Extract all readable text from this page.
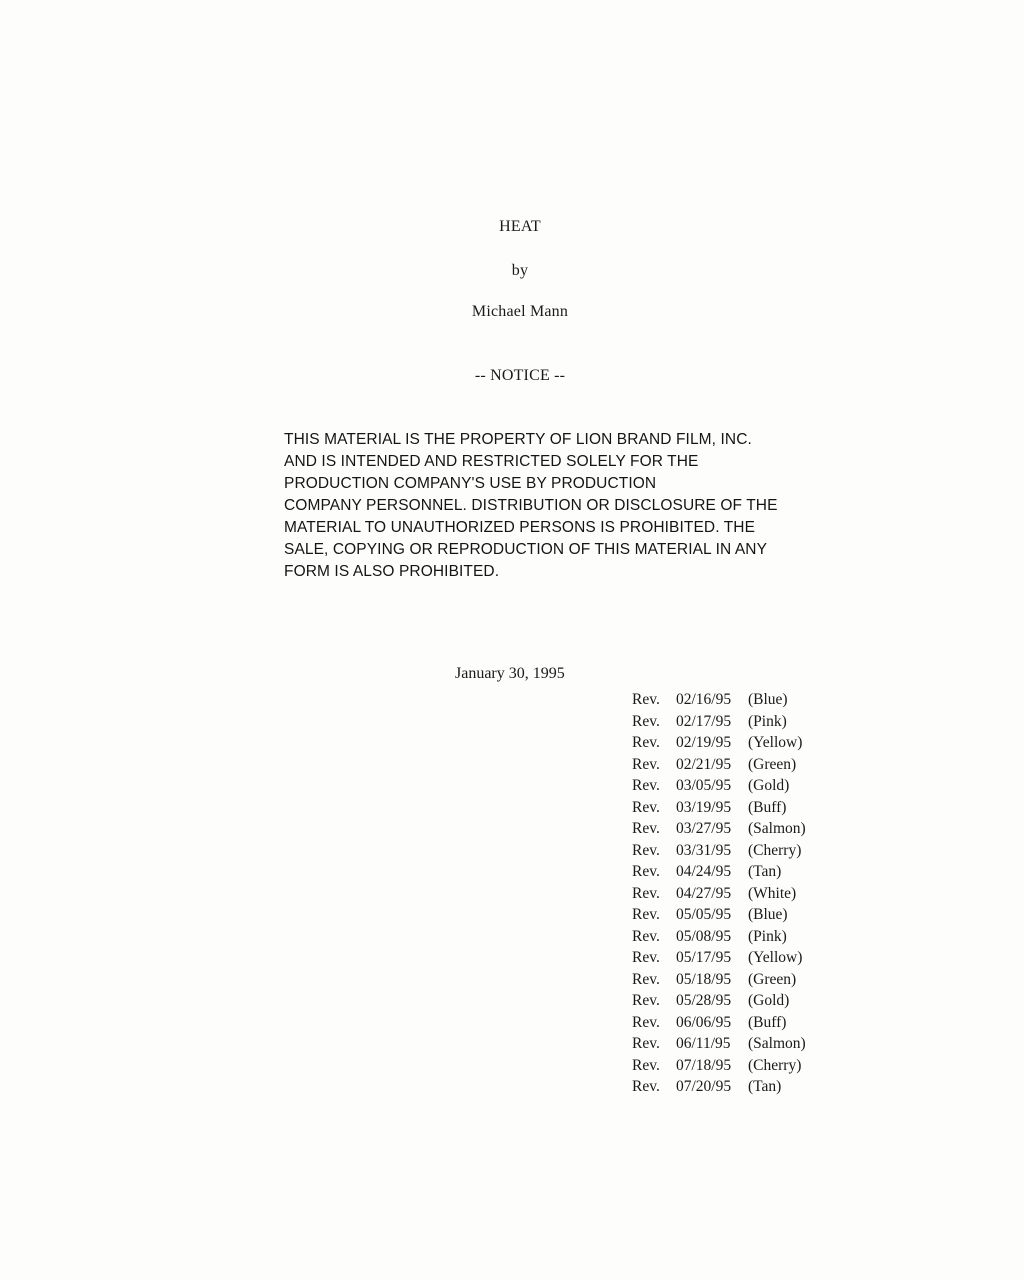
HEAT
by
Michael Mann
-- NOTICE --
THIS MATERIAL IS THE PROPERTY OF LION BRAND FILM, INC.
AND IS INTENDED AND RESTRICTED SOLELY FOR THE
PRODUCTION COMPANY'S USE BY PRODUCTION
COMPANY PERSONNEL. DISTRIBUTION OR DISCLOSURE OF THE
MATERIAL TO UNAUTHORIZED PERSONS IS PROHIBITED. THE
SALE, COPYING OR REPRODUCTION OF THIS MATERIAL IN ANY
FORM IS ALSO PROHIBITED.
January 30, 1995
Rev.	02/16/95	(Blue)
Rev.	02/17/95	(Pink)
Rev.	02/19/95	(Yellow)
Rev.	02/21/95	(Green)
Rev.	03/05/95	(Gold)
Rev.	03/19/95	(Buff)
Rev.	03/27/95	(Salmon)
Rev.	03/31/95	(Cherry)
Rev.	04/24/95	(Tan)
Rev.	04/27/95	(White)
Rev.	05/05/95	(Blue)
Rev.	05/08/95	(Pink)
Rev.	05/17/95	(Yellow)
Rev.	05/18/95	(Green)
Rev.	05/28/95	(Gold)
Rev.	06/06/95	(Buff)
Rev.	06/11/95	(Salmon)
Rev.	07/18/95	(Cherry)
Rev.	07/20/95	(Tan)
